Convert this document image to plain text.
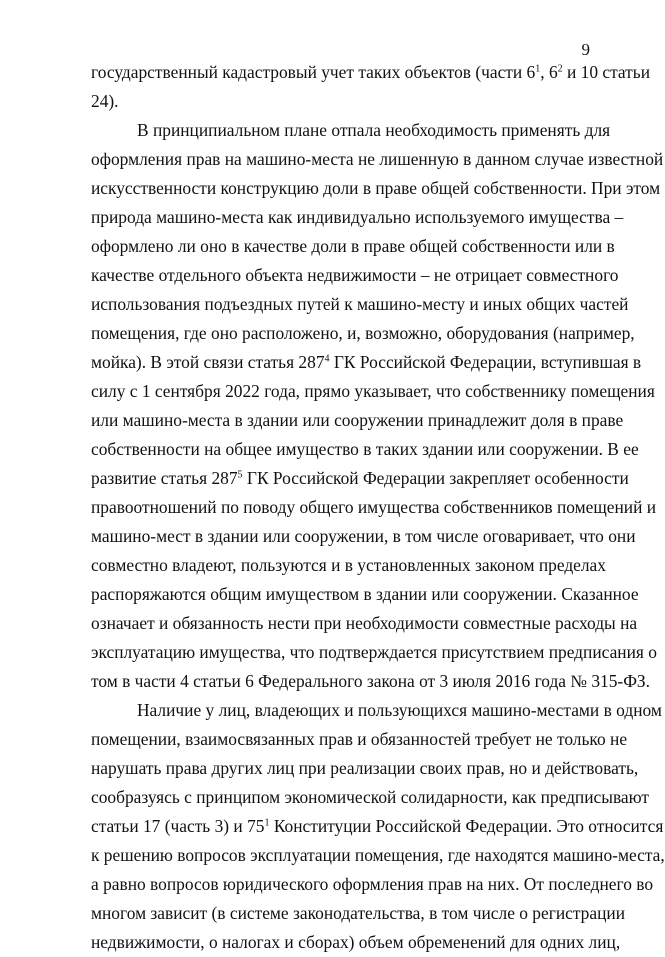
9
государственный кадастровый учет таких объектов (части $6^1$, $6^2$ и 10 статьи
24).
В принципиальном плане отпала необходимость применять для
оформления прав на машино-места не лишенную в данном случае известной
искусственности конструкцию доли в праве общей собственности. При этом
природа машино-места как индивидуально используемого имущества –
оформлено ли оно в качестве доли в праве общей собственности или в
качестве отдельного объекта недвижимости – не отрицает совместного
использования подъездных путей к машино-месту и иных общих частей
помещения, где оно расположено, и, возможно, оборудования (например,
мойка). В этой связи статья $287^4$ ГК Российской Федерации, вступившая в
силу с 1 сентября 2022 года, прямо указывает, что собственнику помещения
или машино-места в здании или сооружении принадлежит доля в праве
собственности на общее имущество в таких здании или сооружении. В ее
развитие статья $287^5$ ГК Российской Федерации закрепляет особенности
правоотношений по поводу общего имущества собственников помещений и
машино-мест в здании или сооружении, в том числе оговаривает, что они
совместно владеют, пользуются и в установленных законом пределах
распоряжаются общим имуществом в здании или сооружении. Сказанное
означает и обязанность нести при необходимости совместные расходы на
эксплуатацию имущества, что подтверждается присутствием предписания о
том в части 4 статьи 6 Федерального закона от 3 июля 2016 года № 315-ФЗ.
Наличие у лиц, владеющих и пользующихся машино-местами в одном
помещении, взаимосвязанных прав и обязанностей требует не только не
нарушать права других лиц при реализации своих прав, но и действовать,
сообразуясь с принципом экономической солидарности, как предписывают
статьи 17 (часть 3) и $75^1$ Конституции Российской Федерации. Это относится
к решению вопросов эксплуатации помещения, где находятся машино-места,
а равно вопросов юридического оформления прав на них. От последнего во
многом зависит (в системе законодательства, в том числе о регистрации
недвижимости, о налогах и сборах) объем обременений для одних лиц,
